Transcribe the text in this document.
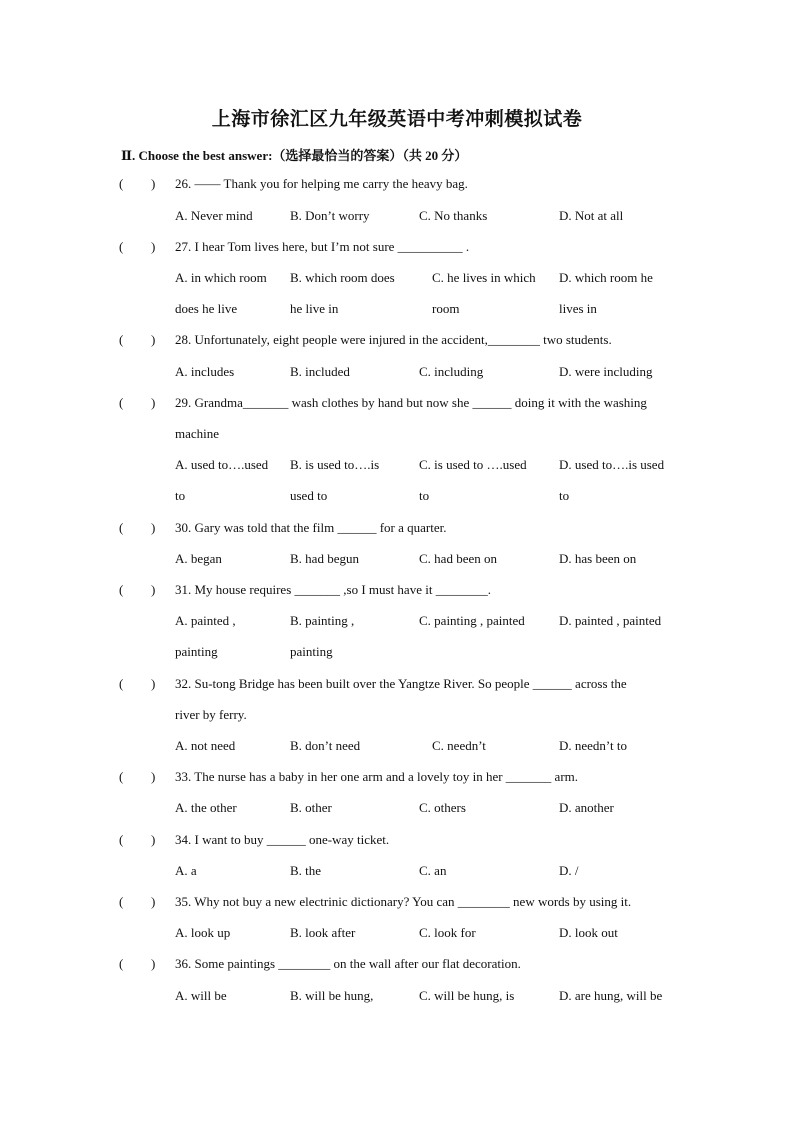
上海市徐汇区九年级英语中考冲刺模拟试卷
Ⅱ. Choose the best answer:（选择最恰当的答案）（共 20 分）
( ) 26. —— Thank you for helping me carry the heavy bag.
A. Never mind	B. Don’t worry	C. No thanks	D. Not at all
( ) 27. I hear Tom lives here, but I’m not sure __________ .
A. in which room B. which room does	C. he lives in which D. which room he
does he live	he live in	room	lives in
( ) 28. Unfortunately, eight people were injured in the accident,________ two students.
A. includes	B. included	C. including	D. were including
( ) 29. Grandma_______ wash clothes by hand but now she ______ doing it with the washing
machine
A. used to….used B. is used to….is	C. is used to ….used D. used to….is used
to	used to	to	to
( ) 30. Gary was told that the film ______ for a quarter.
A. began	B. had begun	C. had been on	D. has been on
( ) 31. My house requires _______ ,so I must have it ________.
A. painted ,	B. painting ,	C. painting , painted	D. painted , painted
painting	painting
( ) 32. Su-tong Bridge has been built over the Yangtze River. So people ______ across the
river by ferry.
A. not need	B. don’t need	C. needn’t	D. needn’t to
( ) 33. The nurse has a baby in her one arm and a lovely toy in her _______ arm.
A. the other	B. other	C. others	D. another
( ) 34. I want to buy ______ one-way ticket.
A. a	B. the	C. an	D. /
( ) 35. Why not buy a new electrinic dictionary? You can ________ new words by using it.
A. look up	B. look after	C. look for	D. look out
( ) 36. Some paintings ________ on the wall after our flat decoration.
A. will be	B. will be hung,	C. will be hung, is	D. are hung, will be
